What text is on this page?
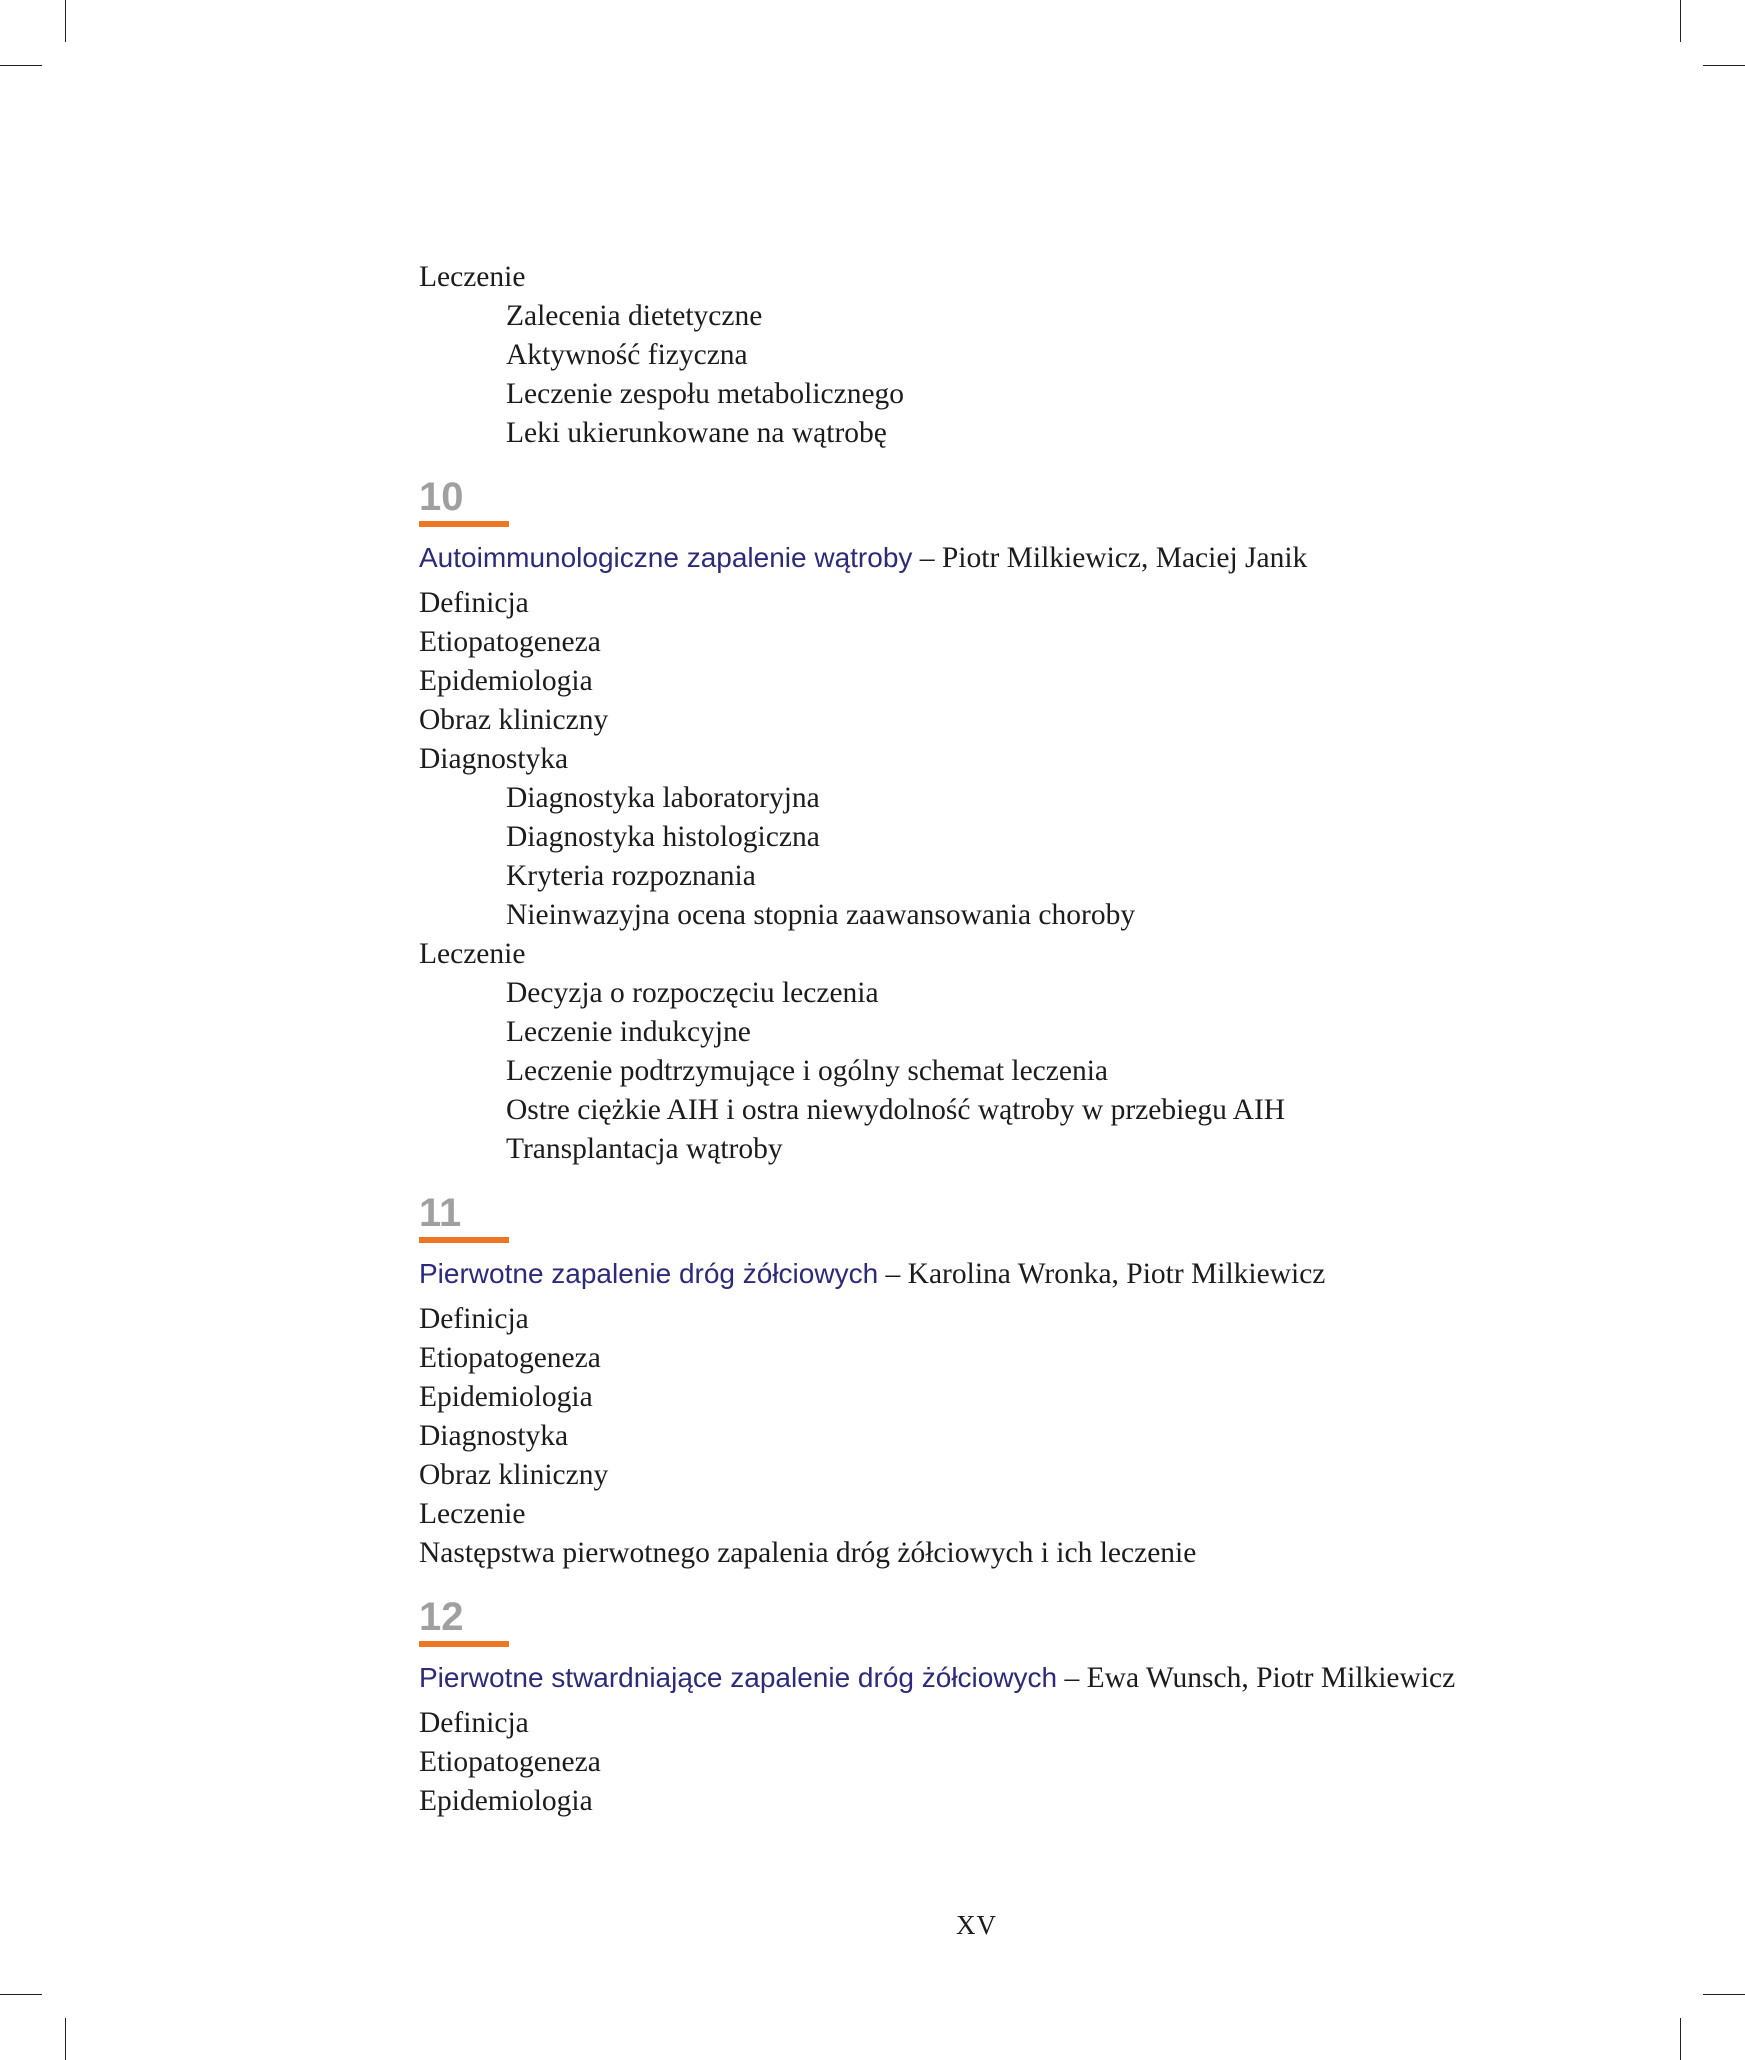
Leczenie
Zalecenia dietetyczne
Aktywność fizyczna
Leczenie zespołu metabolicznego
Leki ukierunkowane na wątrobę
10
Autoimmunologiczne zapalenie wątroby – Piotr Milkiewicz, Maciej Janik
Definicja
Etiopatogeneza
Epidemiologia
Obraz kliniczny
Diagnostyka
Diagnostyka laboratoryjna
Diagnostyka histologiczna
Kryteria rozpoznania
Nieinwazyjna ocena stopnia zaawansowania choroby
Leczenie
Decyzja o rozpoczęciu leczenia
Leczenie indukcyjne
Leczenie podtrzymujące i ogólny schemat leczenia
Ostre ciężkie AIH i ostra niewydolność wątroby w przebiegu AIH
Transplantacja wątroby
11
Pierwotne zapalenie dróg żółciowych – Karolina Wronka, Piotr Milkiewicz
Definicja
Etiopatogeneza
Epidemiologia
Diagnostyka
Obraz kliniczny
Leczenie
Następstwa pierwotnego zapalenia dróg żółciowych i ich leczenie
12
Pierwotne stwardniające zapalenie dróg żółciowych – Ewa Wunsch, Piotr Milkiewicz
Definicja
Etiopatogeneza
Epidemiologia
XV
